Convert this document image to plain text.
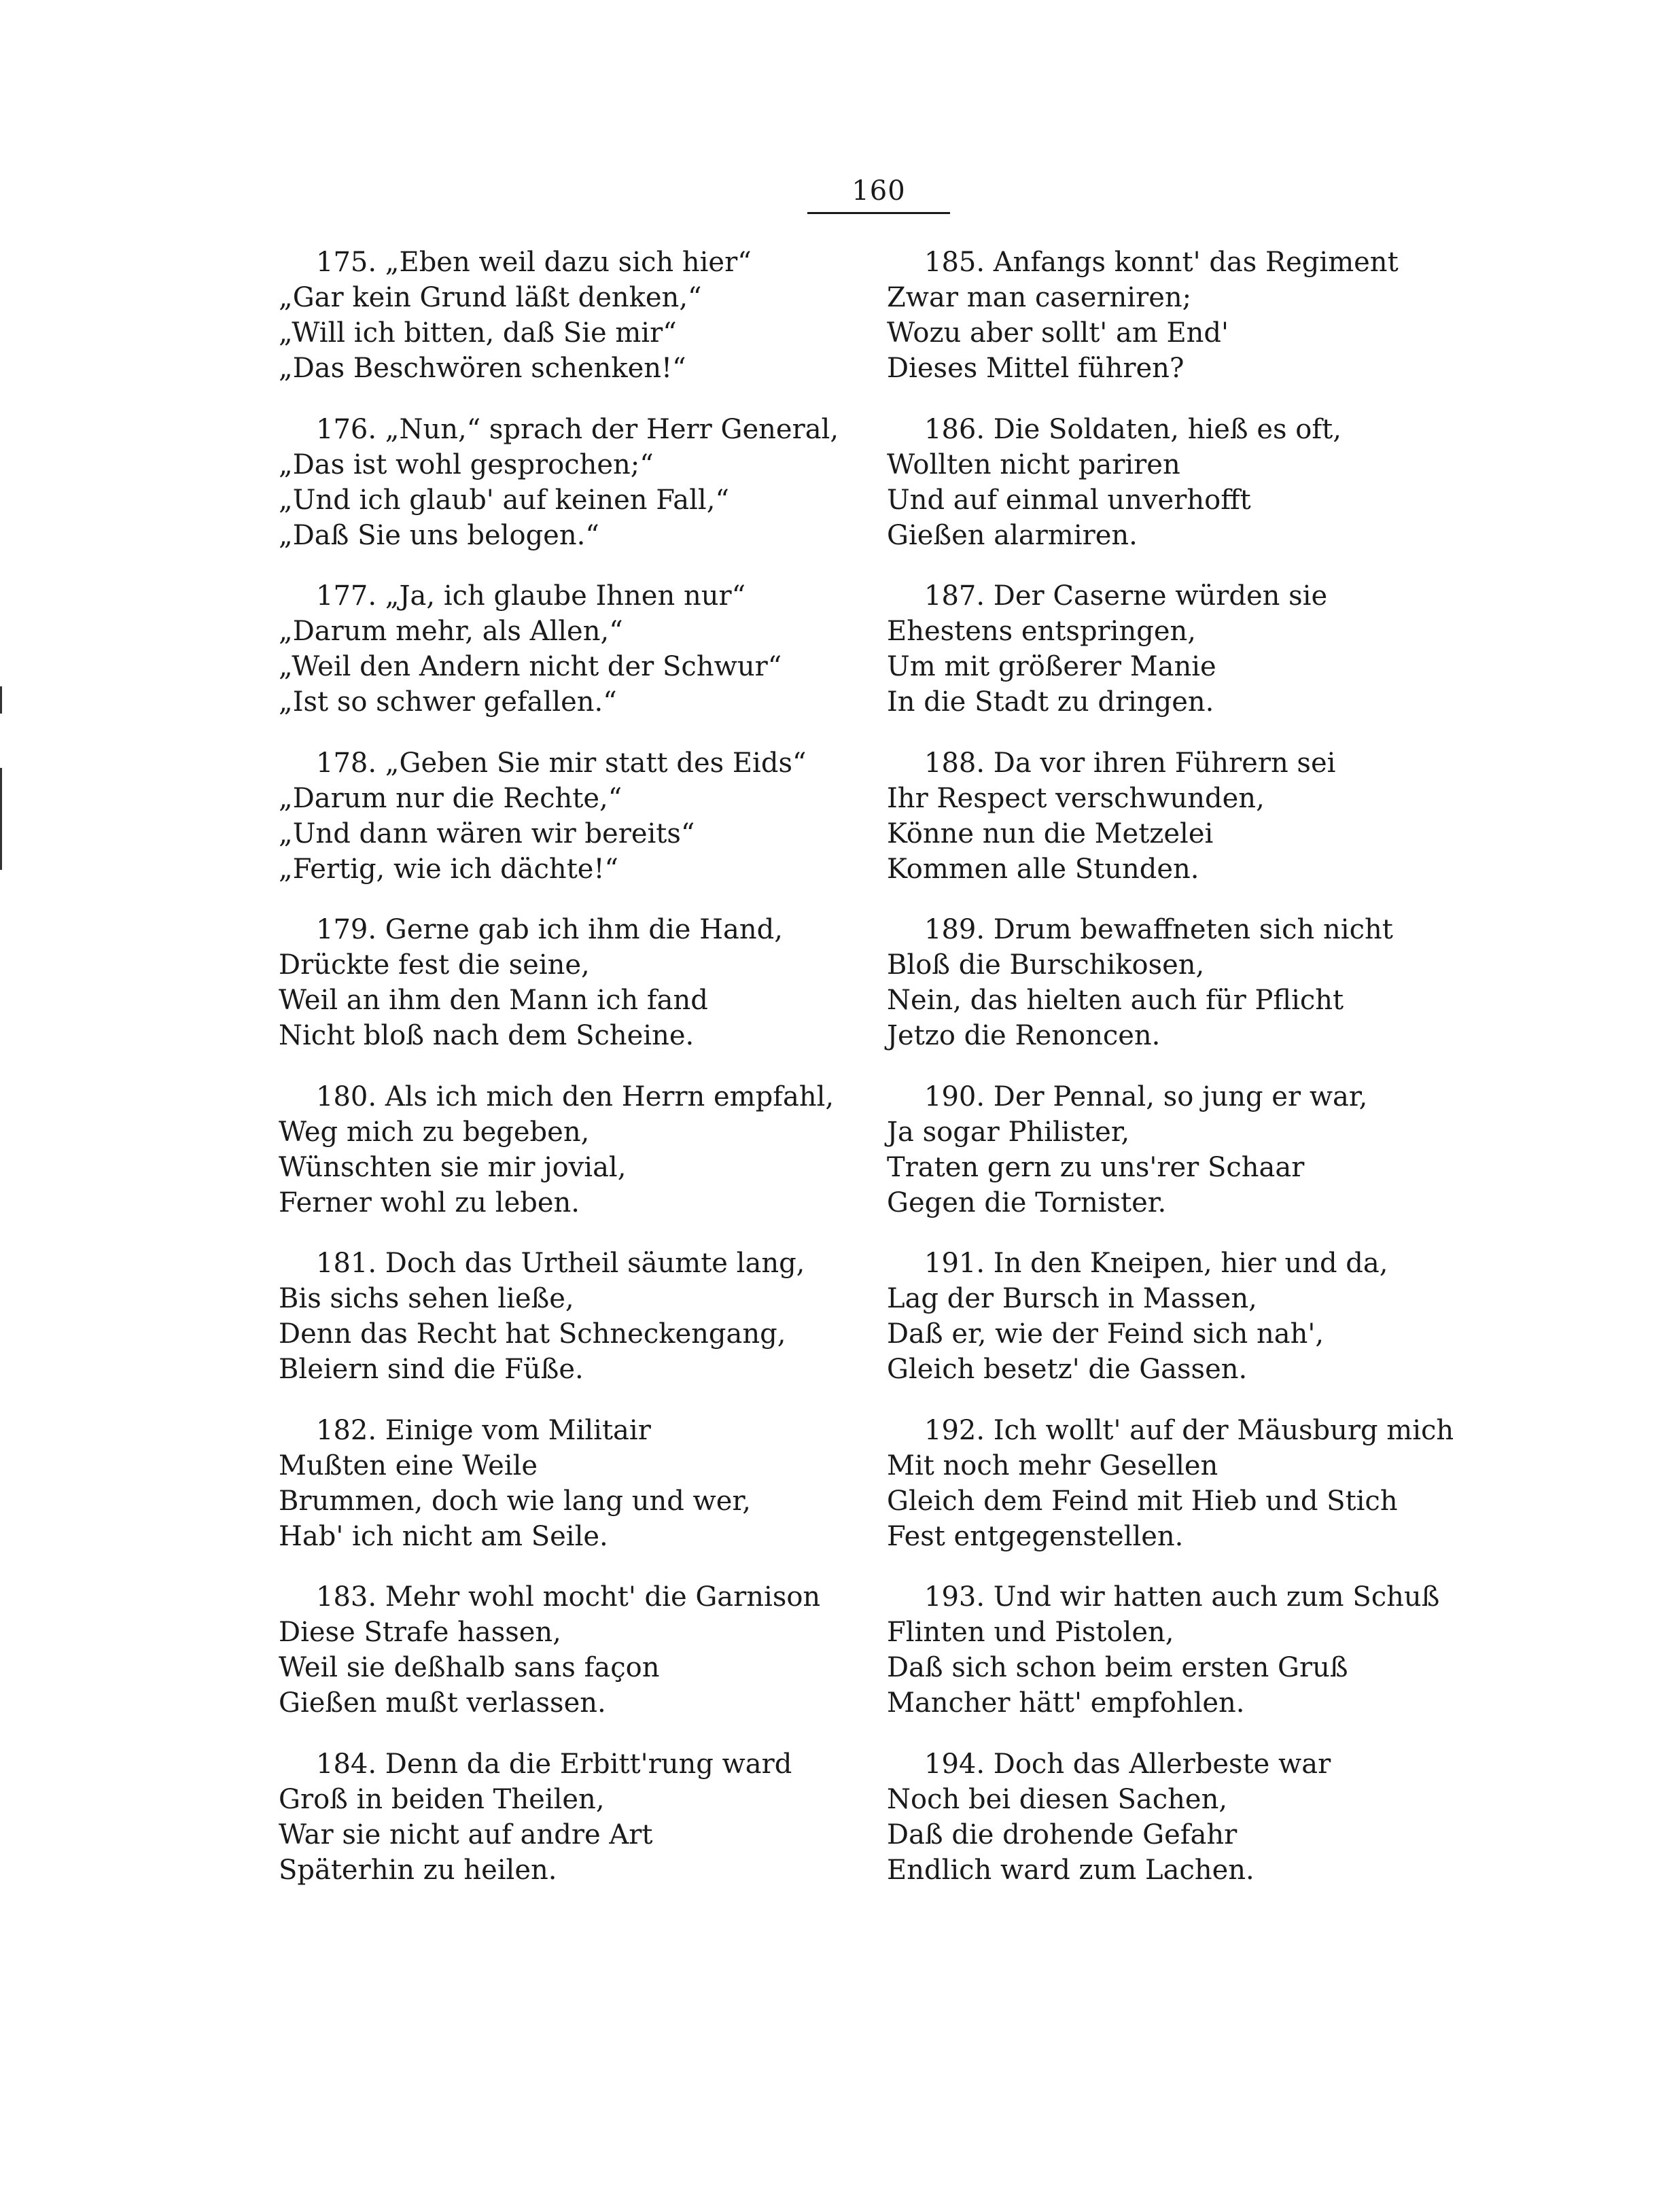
160
175. „Eben weil dazu sich hier“
„Gar kein Grund läßt denken,“
„Will ich bitten, daß Sie mir“
„Das Beschwören schenken!“
176. „Nun,“ sprach der Herr General,
„Das ist wohl gesprochen;“
„Und ich glaub' auf keinen Fall,“
„Daß Sie uns belogen.“
177. „Ja, ich glaube Ihnen nur“
„Darum mehr, als Allen,“
„Weil den Andern nicht der Schwur“
„Ist so schwer gefallen.“
178. „Geben Sie mir statt des Eids“
„Darum nur die Rechte,“
„Und dann wären wir bereits“
„Fertig, wie ich dächte!“
179. Gerne gab ich ihm die Hand,
Drückte fest die seine,
Weil an ihm den Mann ich fand
Nicht bloß nach dem Scheine.
180. Als ich mich den Herrn empfahl,
Weg mich zu begeben,
Wünschten sie mir jovial,
Ferner wohl zu leben.
181. Doch das Urtheil säumte lang,
Bis sichs sehen ließe,
Denn das Recht hat Schneckengang,
Bleiern sind die Füße.
182. Einige vom Militair
Mußten eine Weile
Brummen, doch wie lang und wer,
Hab' ich nicht am Seile.
183. Mehr wohl mocht' die Garnison
Diese Strafe hassen,
Weil sie deßhalb sans façon
Gießen mußt verlassen.
184. Denn da die Erbitt'rung ward
Groß in beiden Theilen,
War sie nicht auf andre Art
Späterhin zu heilen.
185. Anfangs konnt' das Regiment
Zwar man caserniren;
Wozu aber sollt' am End'
Dieses Mittel führen?
186. Die Soldaten, hieß es oft,
Wollten nicht pariren
Und auf einmal unverhofft
Gießen alarmiren.
187. Der Caserne würden sie
Ehestens entspringen,
Um mit größerer Manie
In die Stadt zu dringen.
188. Da vor ihren Führern sei
Ihr Respect verschwunden,
Könne nun die Metzelei
Kommen alle Stunden.
189. Drum bewaffneten sich nicht
Bloß die Burschikosen,
Nein, das hielten auch für Pflicht
Jetzo die Renoncen.
190. Der Pennal, so jung er war,
Ja sogar Philister,
Traten gern zu uns'rer Schaar
Gegen die Tornister.
191. In den Kneipen, hier und da,
Lag der Bursch in Massen,
Daß er, wie der Feind sich nah',
Gleich besetz' die Gassen.
192. Ich wollt' auf der Mäusburg mich
Mit noch mehr Gesellen
Gleich dem Feind mit Hieb und Stich
Fest entgegenstellen.
193. Und wir hatten auch zum Schuß
Flinten und Pistolen,
Daß sich schon beim ersten Gruß
Mancher hätt' empfohlen.
194. Doch das Allerbeste war
Noch bei diesen Sachen,
Daß die drohende Gefahr
Endlich ward zum Lachen.
